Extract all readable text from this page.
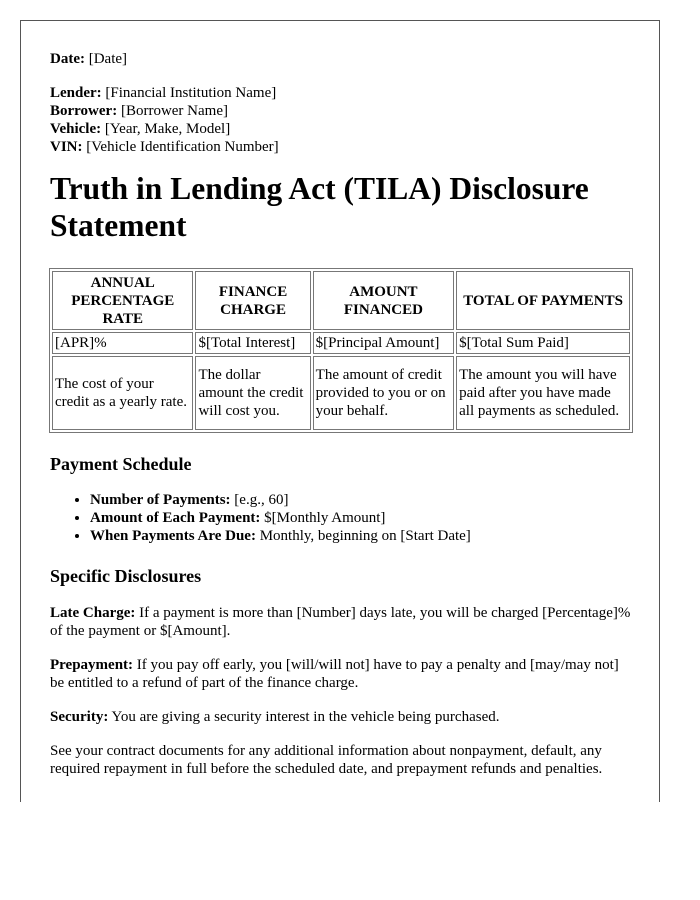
Date: [Date]

Lender: [Financial Institution Name]

Borrower: [Borrower Name]

Vehicle: [Year, Make, Model]

VIN: [Vehicle Identification Number]

Truth in Lending Act (TILA) Disclosure Statement
ANNUAL PERCENTAGE RATE	FINANCE CHARGE	AMOUNT FINANCED	TOTAL OF PAYMENTS
[APR]%	$[Total Interest]	$[Principal Amount]	$[Total Sum Paid]
The cost of your credit as a yearly rate.	The dollar amount the credit will cost you.	The amount of credit provided to you or on your behalf.	The amount you will have paid after you have made all payments as scheduled.
Payment Schedule
• Number of Payments: [e.g., 60]
• Amount of Each Payment: $[Monthly Amount]
• When Payments Are Due: Monthly, beginning on [Start Date]
Specific Disclosures

Late Charge: If a payment is more than [Number] days late, you will be charged [Percentage]% of the payment or $[Amount].

Prepayment: If you pay off early, you [will/will not] have to pay a penalty and [may/may not] be entitled to a refund of part of the finance charge.

Security: You are giving a security interest in the vehicle being purchased.

See your contract documents for any additional information about nonpayment, default, any required repayment in full before the scheduled date, and prepayment refunds and penalties.
